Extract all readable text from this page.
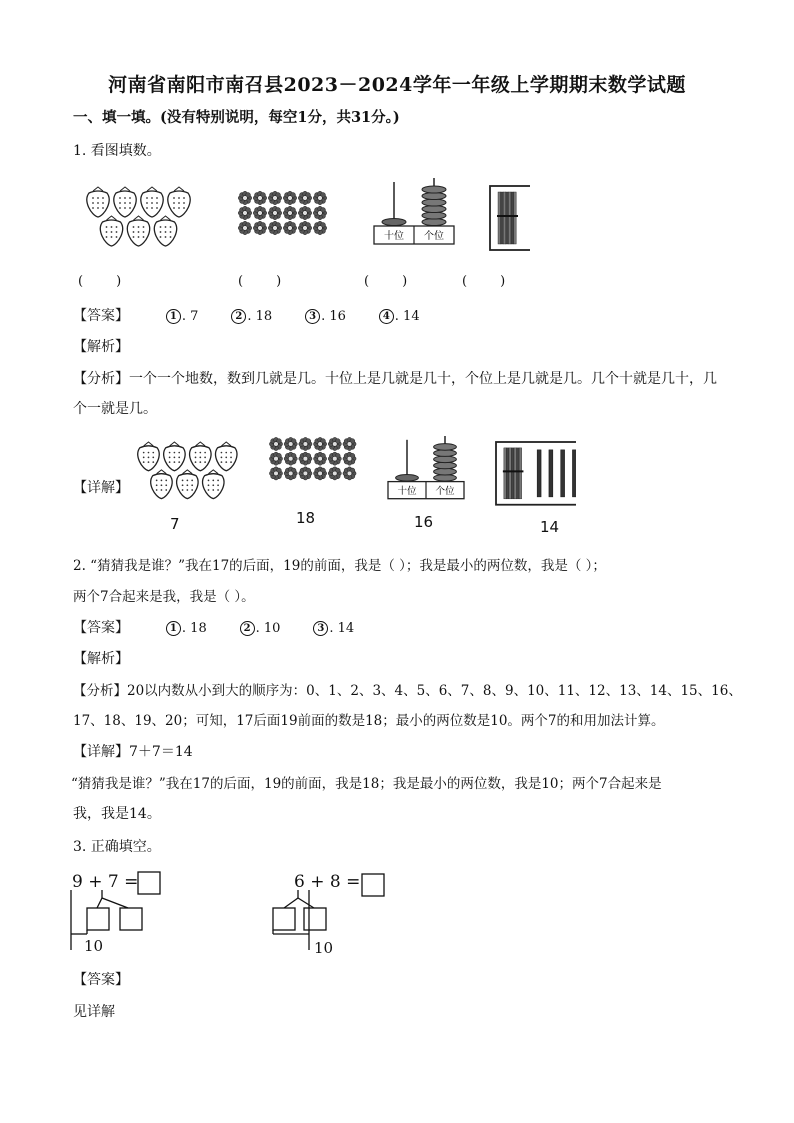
河南省南阳市南召县2023－2024学年一年级上学期期末数学试题
一、填一填。(没有特别说明，每空1分，共31分。)
1. 看图填数。
十位 个位
(        )	(        )	(        )	(        )
【答案】	1 . 7	2 . 18	3 . 16	4 . 14
【解析】
【分析】一个一个地数，数到几就是几。十位上是几就是几十，个位上是几就是几。几个十就是几十，几
个一就是几。
【详解】	十位 个位
7	18	16	14
2. “猜猜我是谁？”我在17的后面，19的前面，我是（ ）；我是最小的两位数，我是（ ）；
两个7合起来是我，我是（ ）。
【答案】	1 . 18	2 . 10	3 . 14
【解析】
【分析】20以内数从小到大的顺序为：0、1、2、3、4、5、6、7、8、9、10、11、12、13、14、15、16、
17、18、19、20；可知，17后面19前面的数是18；最小的两位数是10。两个7的和用加法计算。
【详解】7＋7＝14
“猜猜我是谁？”我在17的后面，19的前面，我是18；我是最小的两位数，我是10；两个7合起来是
我，我是14。
3. 正确填空。
9 + 7 =	6 + 8 =
10	10
【答案】
见详解
